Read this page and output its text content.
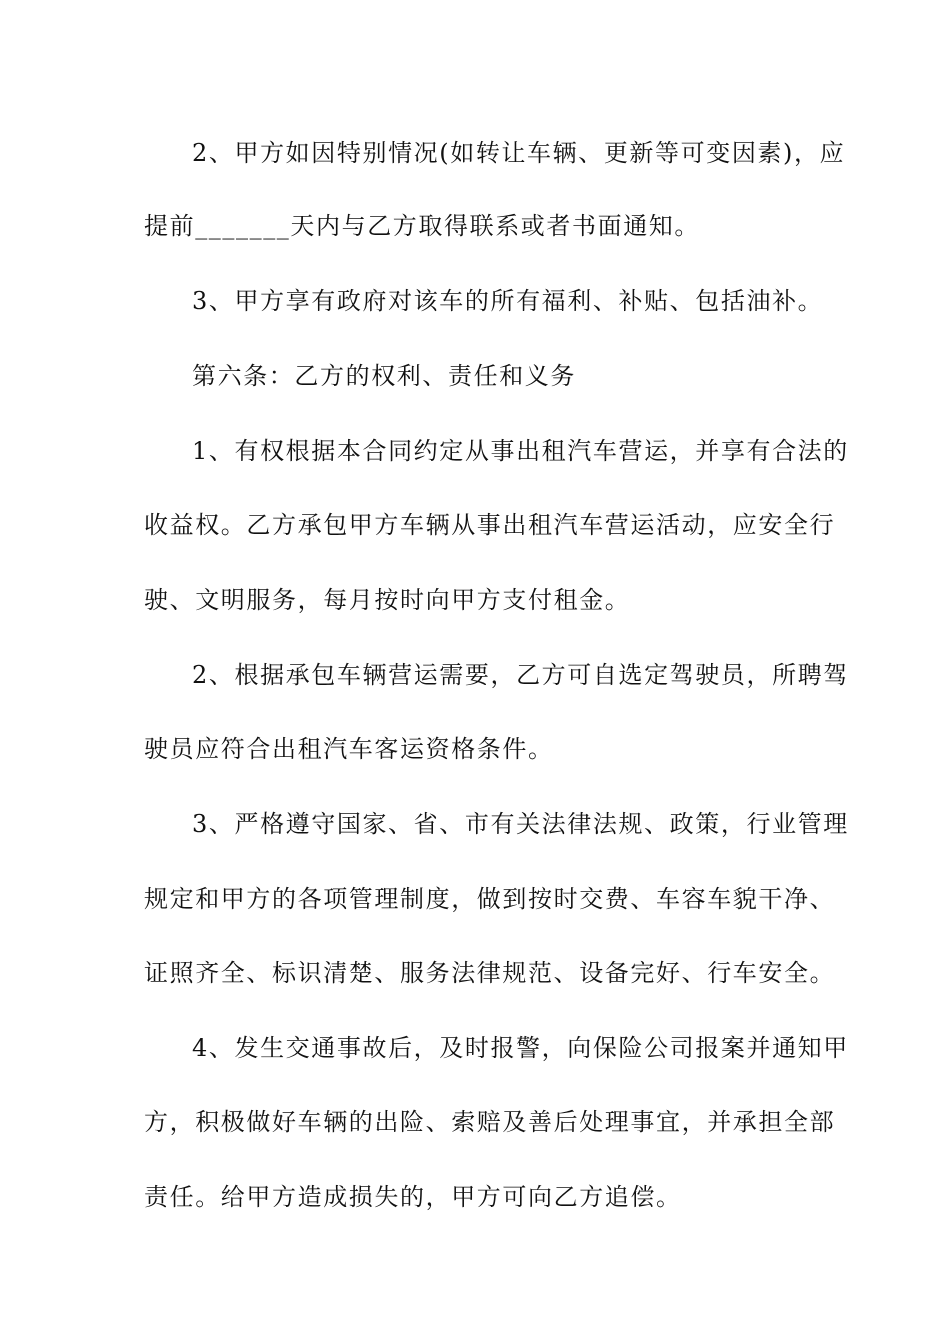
2、甲方如因特别情况(如转让车辆、更新等可变因素)，应
提前_______天内与乙方取得联系或者书面通知。
3、甲方享有政府对该车的所有福利、补贴、包括油补。
第六条：乙方的权利、责任和义务
1、有权根据本合同约定从事出租汽车营运，并享有合法的
收益权。乙方承包甲方车辆从事出租汽车营运活动，应安全行
驶、文明服务，每月按时向甲方支付租金。
2、根据承包车辆营运需要，乙方可自选定驾驶员，所聘驾
驶员应符合出租汽车客运资格条件。
3、严格遵守国家、省、市有关法律法规、政策，行业管理
规定和甲方的各项管理制度，做到按时交费、车容车貌干净、
证照齐全、标识清楚、服务法律规范、设备完好、行车安全。
4、发生交通事故后，及时报警，向保险公司报案并通知甲
方，积极做好车辆的出险、索赔及善后处理事宜，并承担全部
责任。给甲方造成损失的，甲方可向乙方追偿。
